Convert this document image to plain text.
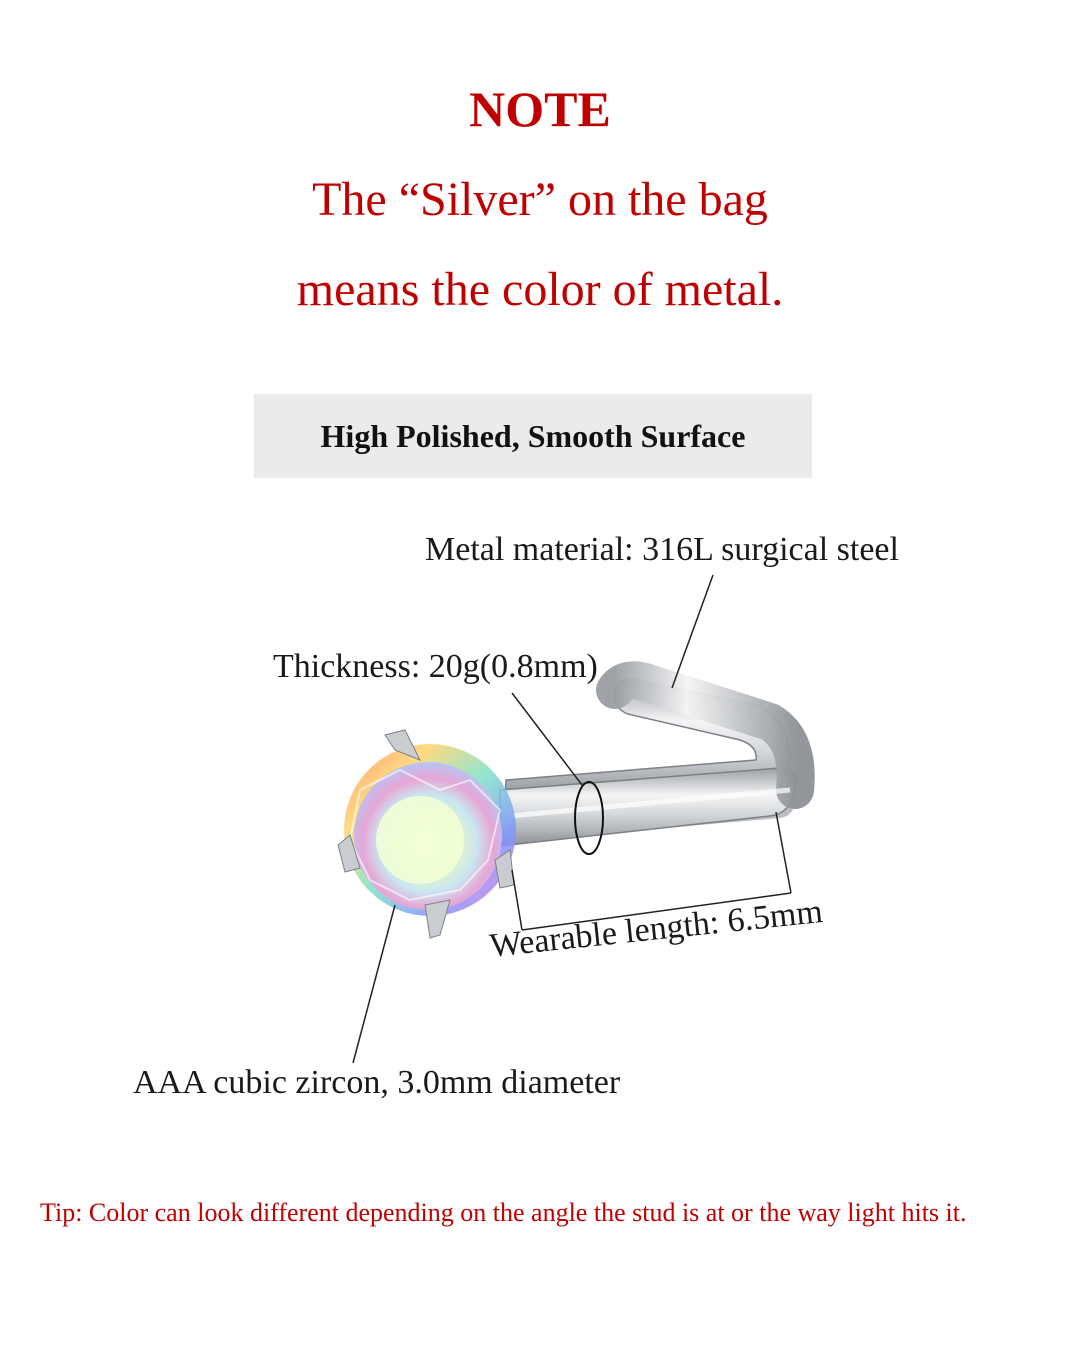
NOTE
The “Silver” on the bag
means the color of metal.
High Polished, Smooth Surface
Metal material: 316L surgical steel
Thickness: 20g(0.8mm)
Wearable length: 6.5mm
AAA cubic zircon, 3.0mm diameter
Tip: Color can look different depending on the angle the stud is at or the way light hits it.
